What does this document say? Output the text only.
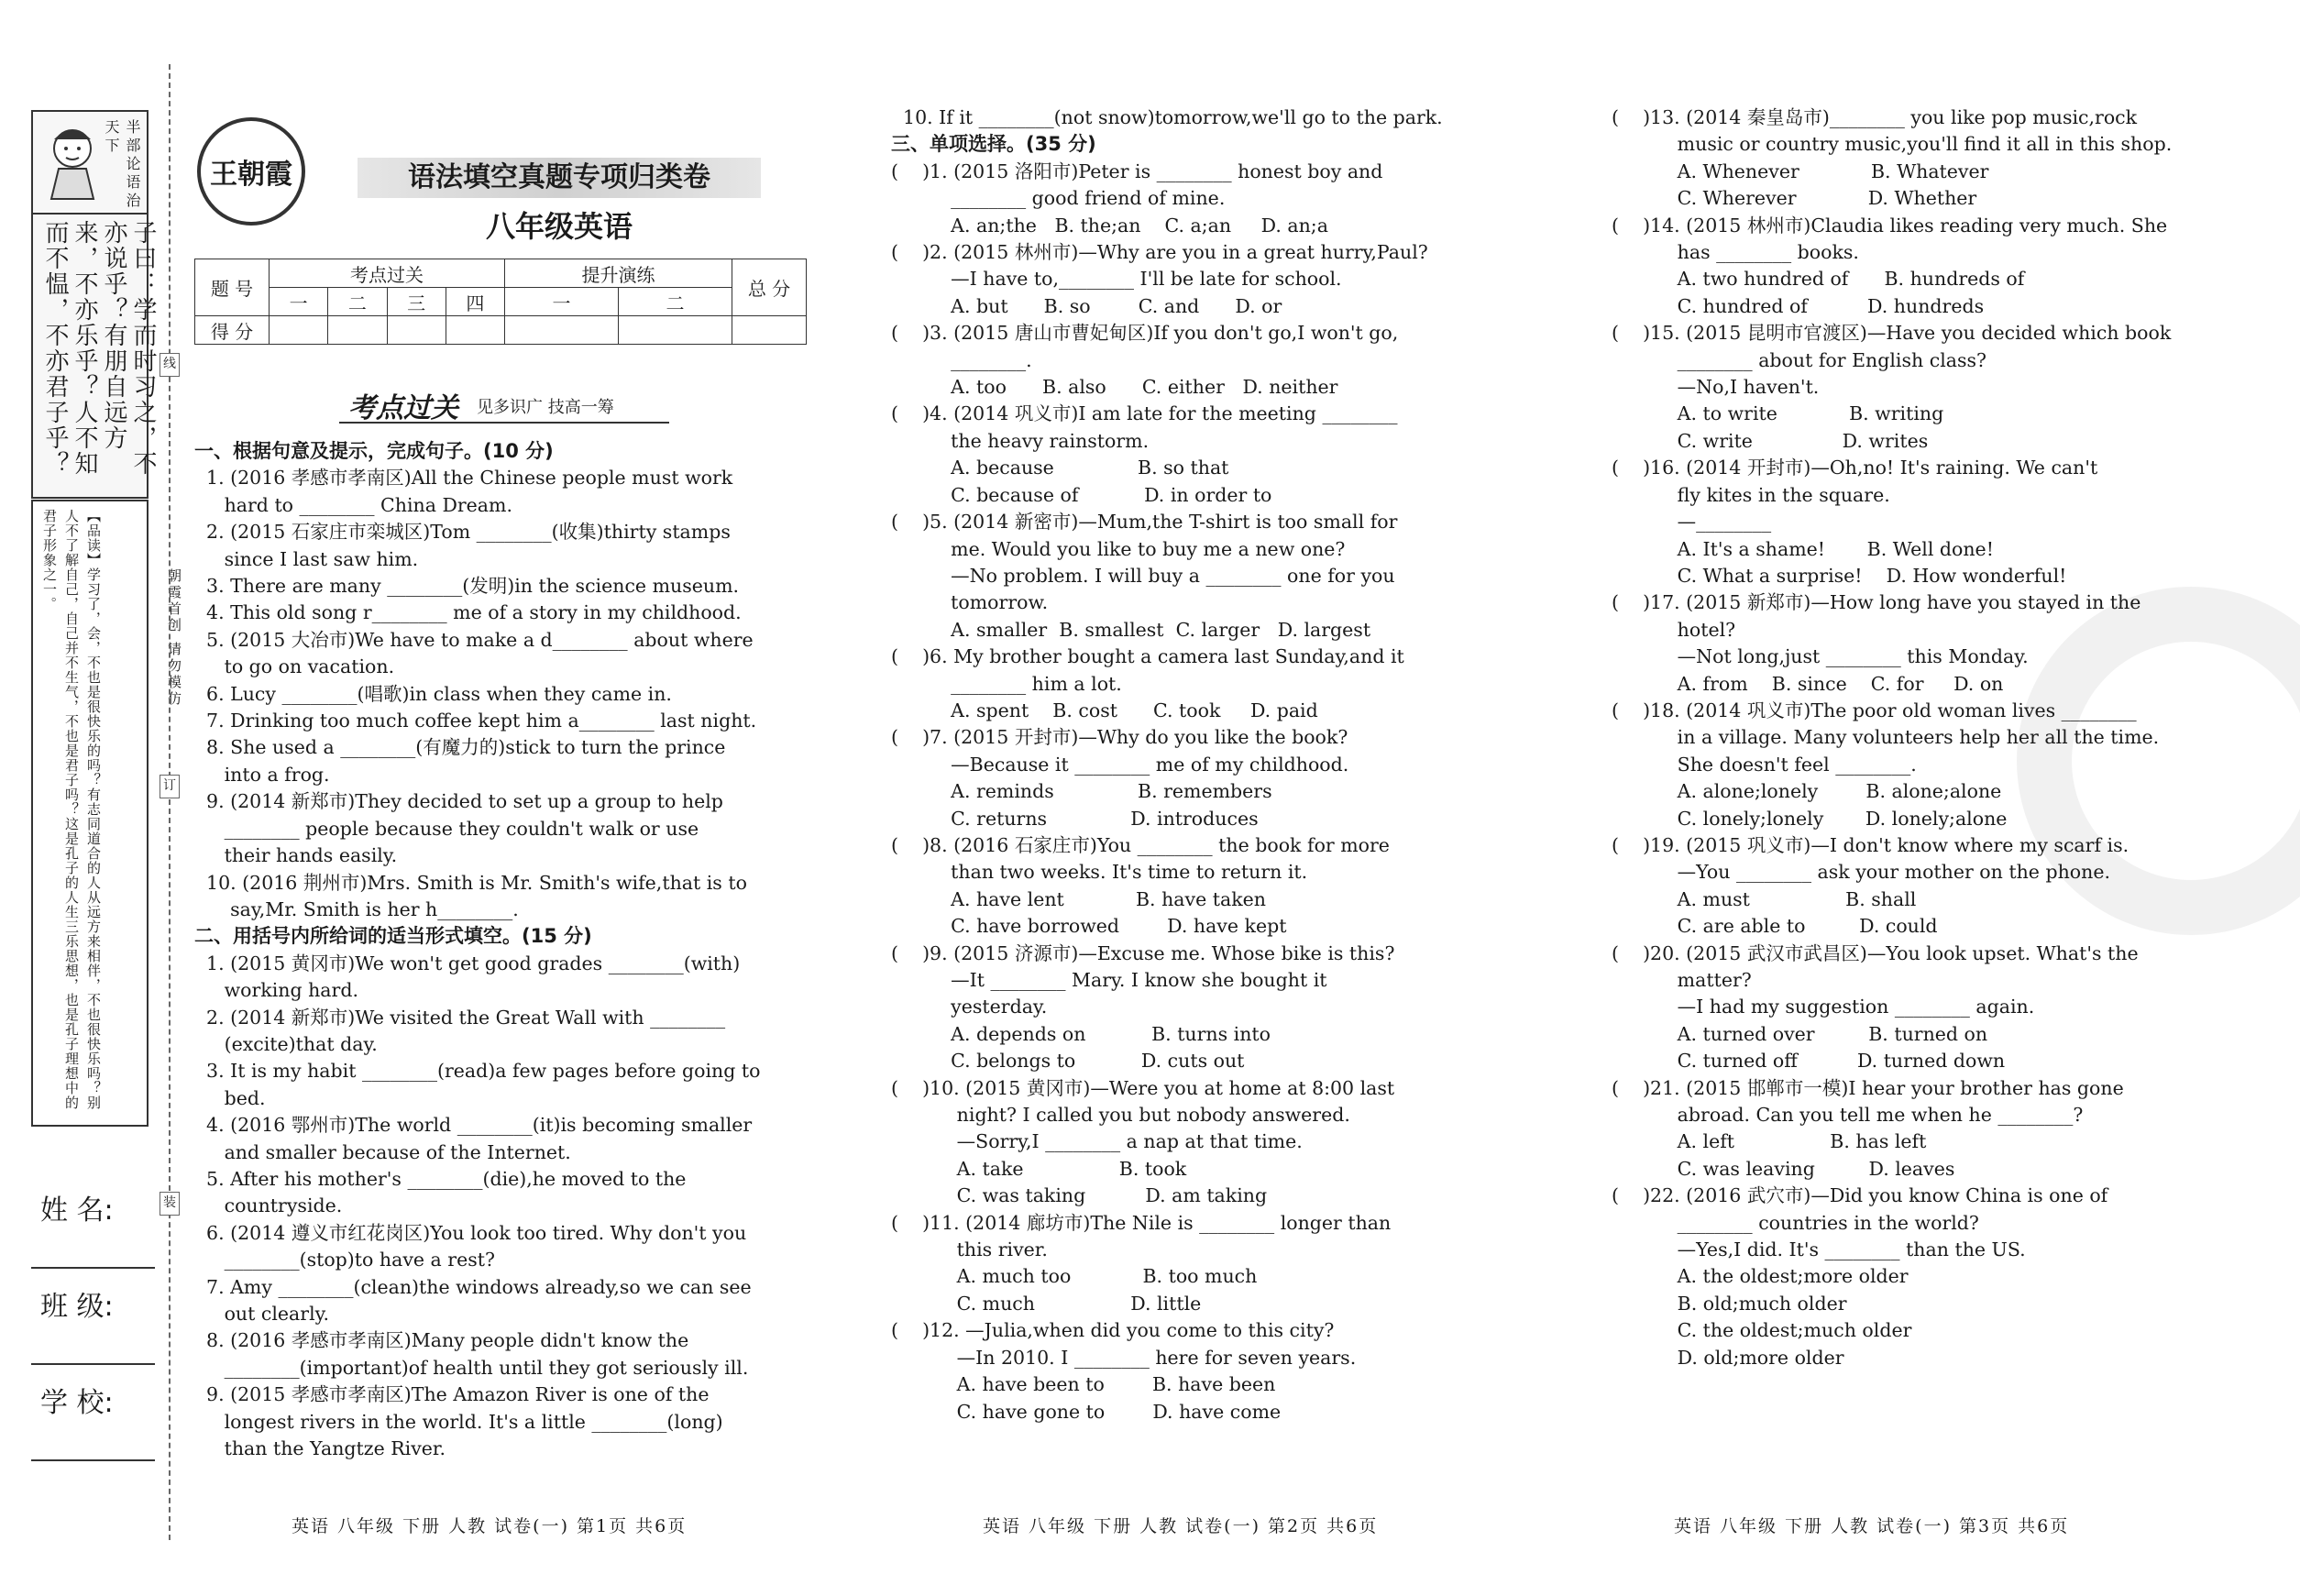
半部论语治天下
子曰：学而时习之，不亦说乎？有朋自远方来，不亦乐乎？人不知而不愠，不亦君子乎？
【品读】学习了，会，不也是很快乐的吗？有志同道合的人从远方来相伴，不也很快乐吗？别人不了解自己，自己并不生气，不也是君子吗？这是孔子的人生三乐思想，也是孔子理想中的君子形象之一。
朝霞首创 请勿模仿
姓 名:
班 级:
学 校:
线
订
装
王朝霞	语法填空真题专项归类卷
八年级英语
题 号	考点过关				提升演练		总 分
	一	二	三	四	一	二	
得 分							
考点过关 见多识广 技高一筹

一、根据句意及提示，完成句子。(10 分)

1. (2016 孝感市孝南区)All the Chinese people must work

hard to ________ China Dream.

2. (2015 石家庄市栾城区)Tom ________(收集)thirty stamps

since I last saw him.

3. There are many ________(发明)in the science museum.

4. This old song r________ me of a story in my childhood.

5. (2015 大冶市)We have to make a d________ about where

to go on vacation.

6. Lucy ________(唱歌)in class when they came in.

7. Drinking too much coffee kept him a________ last night.

8. She used a ________(有魔力的)stick to turn the prince

into a frog.

9. (2014 新郑市)They decided to set up a group to help

________ people because they couldn't walk or use

their hands easily.

10. (2016 荆州市)Mrs. Smith is Mr. Smith's wife,that is to

say,Mr. Smith is her h________.

二、用括号内所给词的适当形式填空。(15 分)

1. (2015 黄冈市)We won't get good grades ________(with)

working hard.

2. (2014 新郑市)We visited the Great Wall with ________

(excite)that day.

3. It is my habit ________(read)a few pages before going to

bed.

4. (2016 鄂州市)The world ________(it)is becoming smaller

and smaller because of the Internet.

5. After his mother's ________(die),he moved to the

countryside.

6. (2014 遵义市红花岗区)You look too tired. Why don't you

________(stop)to have a rest?

7. Amy ________(clean)the windows already,so we can see

out clearly.

8. (2016 孝感市孝南区)Many people didn't know the

________(important)of health until they got seriously ill.

9. (2015 孝感市孝南区)The Amazon River is one of the

longest rivers in the world. It's a little ________(long)

than the Yangtze River.

10. If it ________(not snow)tomorrow,we'll go to the park.

三、单项选择。(35 分)

(    )1. (2015 洛阳市)Peter is ________ honest boy and

________ good friend of mine.

A. an;the   B. the;an    C. a;an     D. an;a

(    )2. (2015 林州市)—Why are you in a great hurry,Paul?

—I have to,________ I'll be late for school.

A. but      B. so        C. and      D. or

(    )3. (2015 唐山市曹妃甸区)If you don't go,I won't go,

________.

A. too      B. also      C. either   D. neither

(    )4. (2014 巩义市)I am late for the meeting ________

the heavy rainstorm.

A. because              B. so that

C. because of           D. in order to

(    )5. (2014 新密市)—Mum,the T-shirt is too small for

me. Would you like to buy me a new one?

—No problem. I will buy a ________ one for you

tomorrow.

A. smaller  B. smallest  C. larger   D. largest

(    )6. My brother bought a camera last Sunday,and it

________ him a lot.

A. spent    B. cost      C. took     D. paid

(    )7. (2015 开封市)—Why do you like the book?

—Because it ________ me of my childhood.

A. reminds              B. remembers

C. returns              D. introduces

(    )8. (2016 石家庄市)You ________ the book for more

than two weeks. It's time to return it.

A. have lent            B. have taken

C. have borrowed        D. have kept

(    )9. (2015 济源市)—Excuse me. Whose bike is this?

—It ________ Mary. I know she bought it

yesterday.

A. depends on           B. turns into

C. belongs to           D. cuts out

(    )10. (2015 黄冈市)—Were you at home at 8:00 last

night? I called you but nobody answered.

—Sorry,I ________ a nap at that time.

A. take                B. took

C. was taking          D. am taking

(    )11. (2014 廊坊市)The Nile is ________ longer than

this river.

A. much too            B. too much

C. much                D. little

(    )12. —Julia,when did you come to this city?

—In 2010. I ________ here for seven years.

A. have been to        B. have been

C. have gone to        D. have come

(    )13. (2014 秦皇岛市)________ you like pop music,rock

music or country music,you'll find it all in this shop.

A. Whenever            B. Whatever

C. Wherever            D. Whether

(    )14. (2015 林州市)Claudia likes reading very much. She

has ________ books.

A. two hundred of      B. hundreds of

C. hundred of          D. hundreds

(    )15. (2015 昆明市官渡区)—Have you decided which book

________ about for English class?

—No,I haven't.

A. to write            B. writing

C. write               D. writes

(    )16. (2014 开封市)—Oh,no! It's raining. We can't

fly kites in the square.

—________

A. It's a shame!       B. Well done!

C. What a surprise!    D. How wonderful!

(    )17. (2015 新郑市)—How long have you stayed in the

hotel?

—Not long,just ________ this Monday.

A. from    B. since    C. for     D. on

(    )18. (2014 巩义市)The poor old woman lives ________

in a village. Many volunteers help her all the time.

She doesn't feel ________.

A. alone;lonely        B. alone;alone

C. lonely;lonely       D. lonely;alone

(    )19. (2015 巩义市)—I don't know where my scarf is.

—You ________ ask your mother on the phone.

A. must                B. shall

C. are able to         D. could

(    )20. (2015 武汉市武昌区)—You look upset. What's the

matter?

—I had my suggestion ________ again.

A. turned over         B. turned on

C. turned off          D. turned down

(    )21. (2015 邯郸市一模)I hear your brother has gone

abroad. Can you tell me when he ________?

A. left                B. has left

C. was leaving         D. leaves

(    )22. (2016 武穴市)—Did you know China is one of

________ countries in the world?

—Yes,I did. It's ________ than the US.

A. the oldest;more older

B. old;much older

C. the oldest;much older

D. old;more older

英语 八年级 下册 人教 试卷(一) 第1页 共6页	英语 八年级 下册 人教 试卷(一) 第2页 共6页	英语 八年级 下册 人教 试卷(一) 第3页 共6页
